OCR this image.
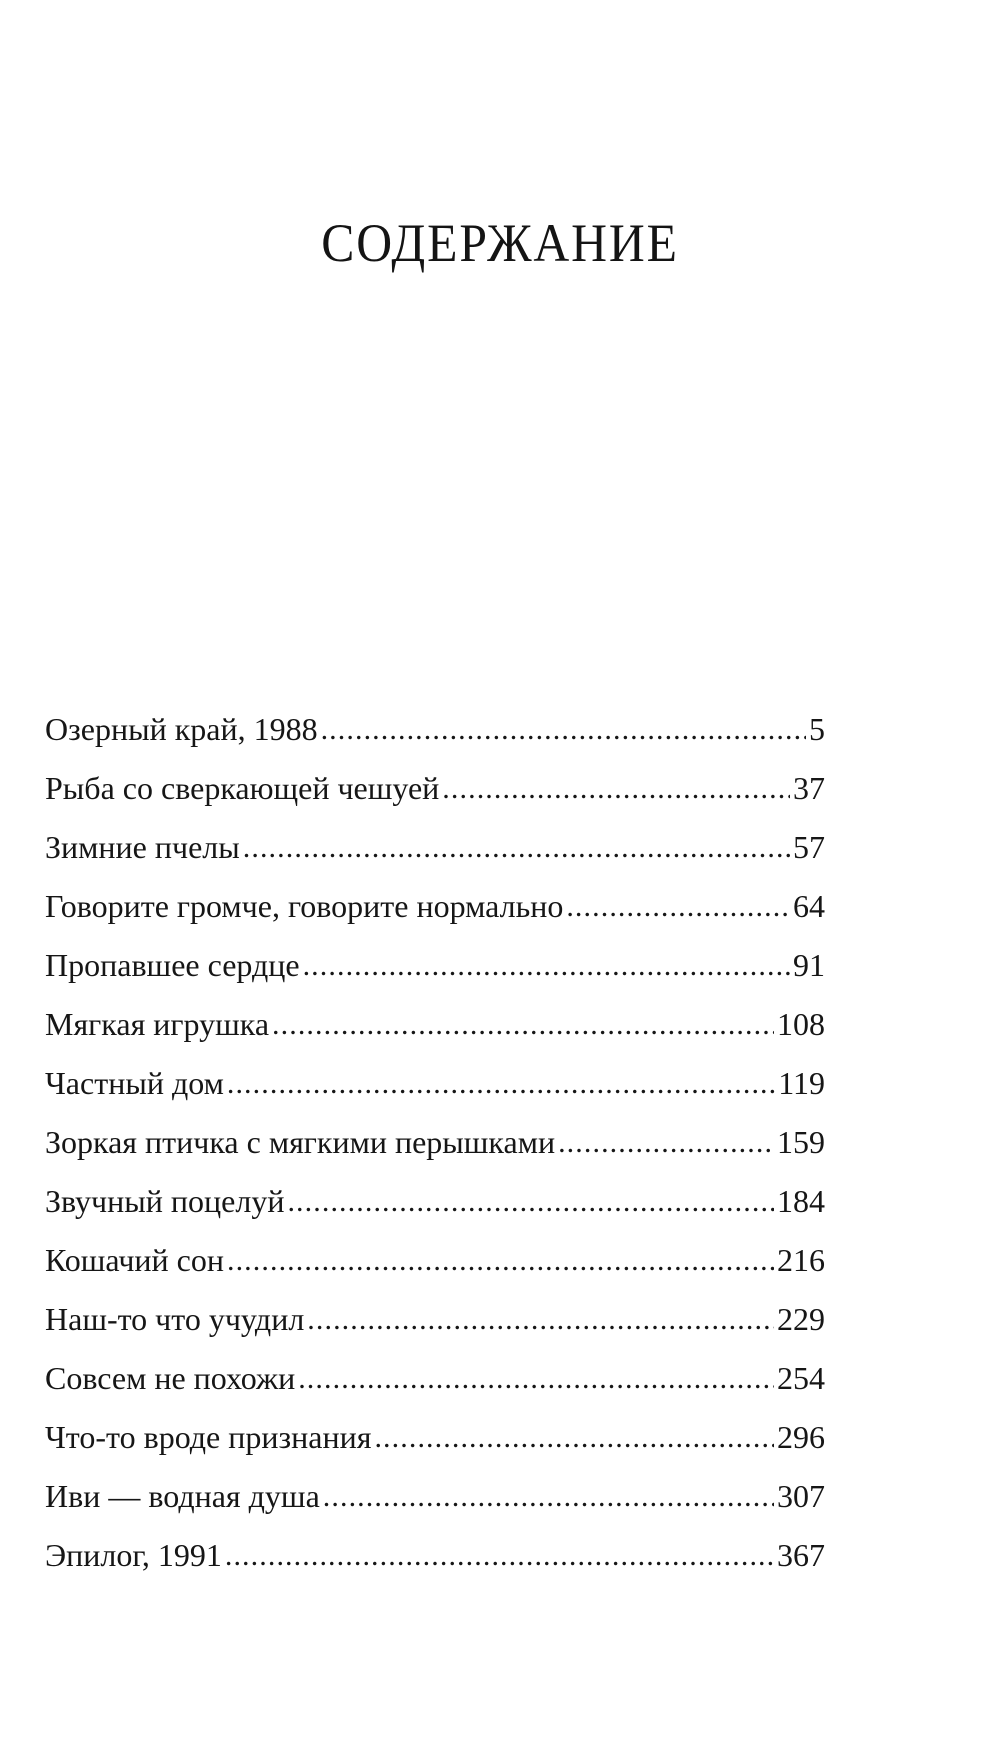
СОДЕРЖАНИЕ
Озерный край, 1988 . . .	5
Рыба со сверкающей чешуей . . .	37
Зимние пчелы . . .	57
Говорите громче, говорите нормально . . .	64
Пропавшее сердце . . .	91
Мягкая игрушка . . .	108
Частный дом . . .	119
Зоркая птичка с мягкими перышками . . .	159
Звучный поцелуй . . .	184
Кошачий сон . . .	216
Наш-то что учудил . . .	229
Совсем не похожи . . .	254
Что-то вроде признания . . .	296
Иви — водная душа . . .	307
Эпилог, 1991 . . .	367
